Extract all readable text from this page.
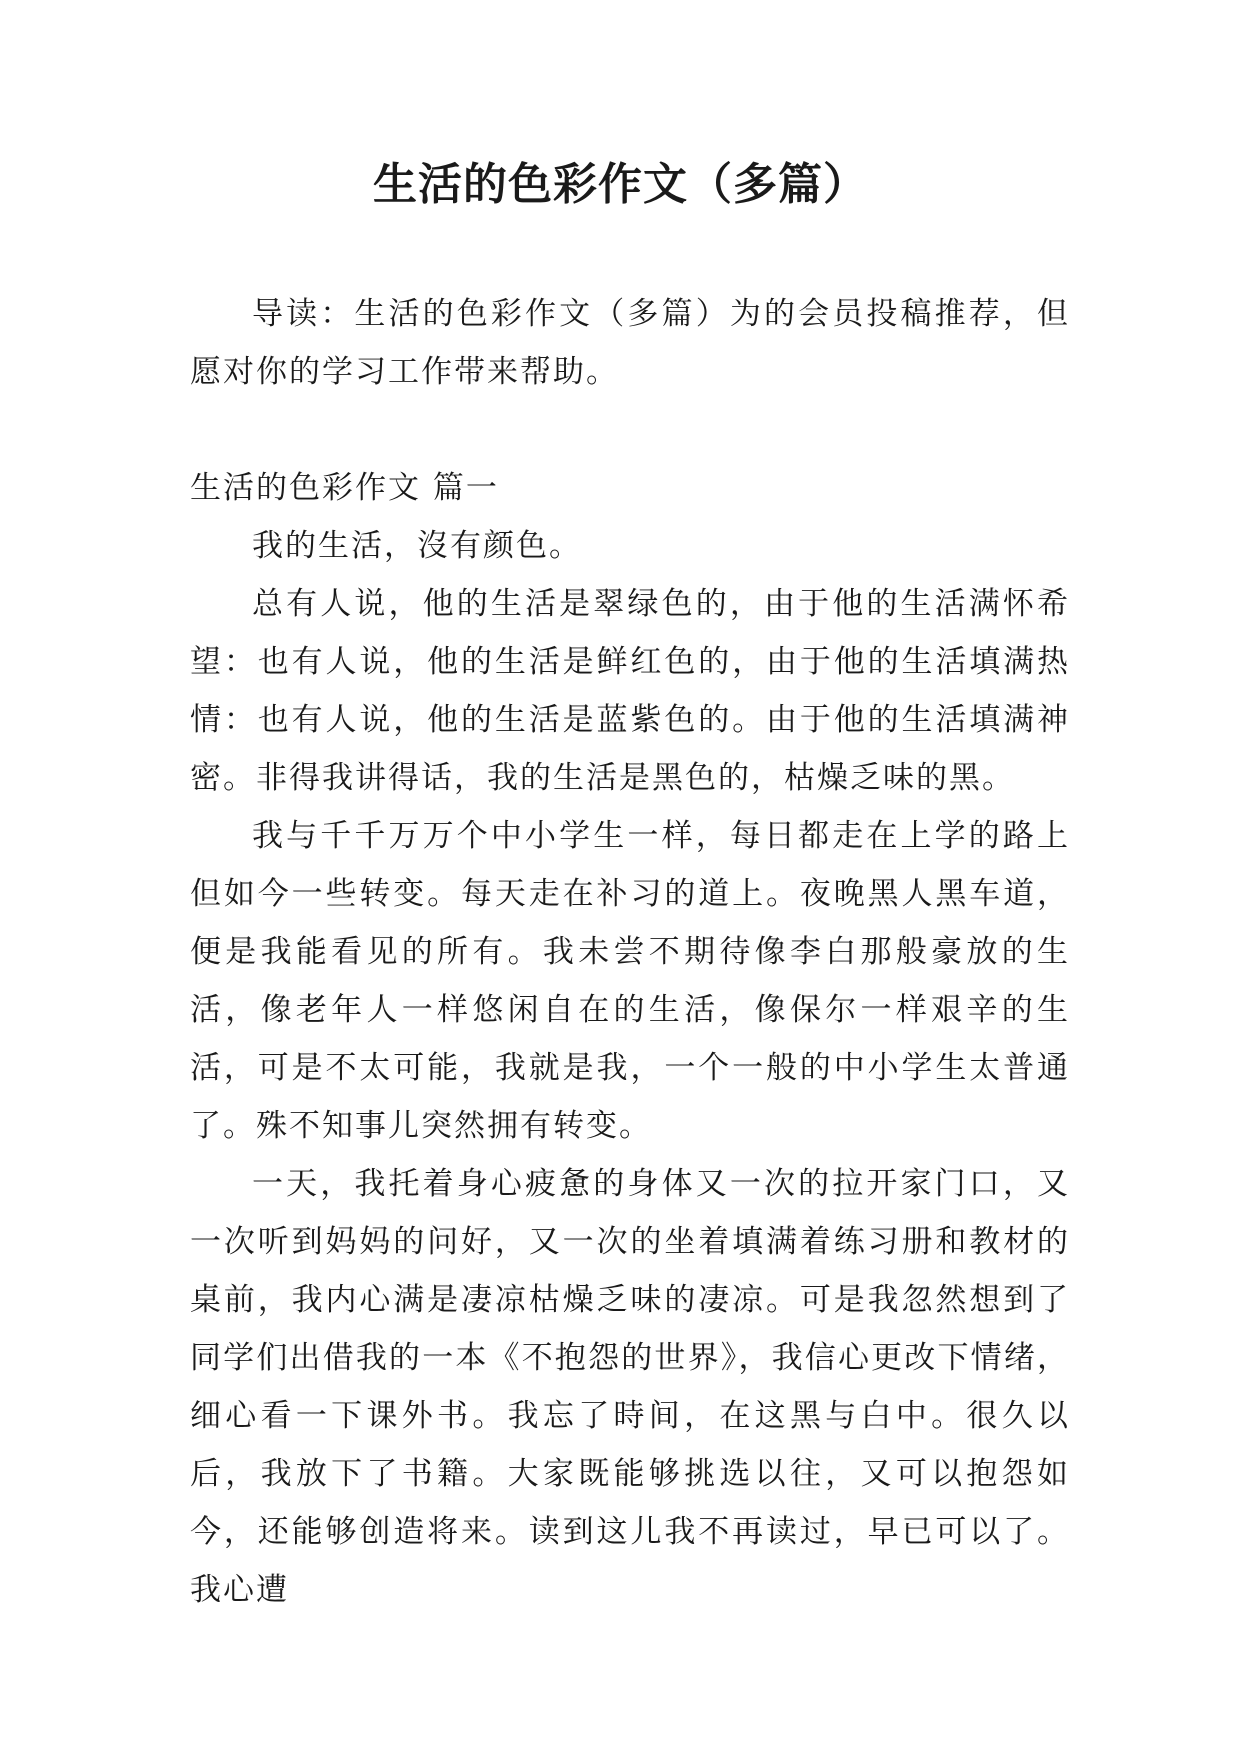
生活的色彩作文（多篇）

导读：生活的色彩作文（多篇）为的会员投稿推荐，但愿对你的学习工作带来帮助。

生活的色彩作文 篇一

我的生活，沒有颜色。

总有人说，他的生活是翠绿色的，由于他的生活满怀希望：也有人说，他的生活是鲜红色的，由于他的生活填满热情：也有人说，他的生活是蓝紫色的。由于他的生活填满神密。非得我讲得话，我的生活是黑色的，枯燥乏味的黑。

我与千千万万个中小学生一样，每日都走在上学的路上但如今一些转变。每天走在补习的道上。夜晚黑人黑车道，便是我能看见的所有。我未尝不期待像李白那般豪放的生活，像老年人一样悠闲自在的生活，像保尔一样艰辛的生活，可是不太可能，我就是我，一个一般的中小学生太普通了。殊不知事儿突然拥有转变。

一天，我托着身心疲惫的身体又一次的拉开家门口，又一次听到妈妈的问好，又一次的坐着填满着练习册和教材的桌前，我内心满是凄凉枯燥乏味的凄凉。可是我忽然想到了同学们出借我的一本《不抱怨的世界》，我信心更改下情绪，细心看一下课外书。我忘了時间，在这黑与白中。很久以后，我放下了书籍。大家既能够挑选以往，又可以抱怨如今，还能够创造将来。读到这儿我不再读过，早已可以了。我心遭
